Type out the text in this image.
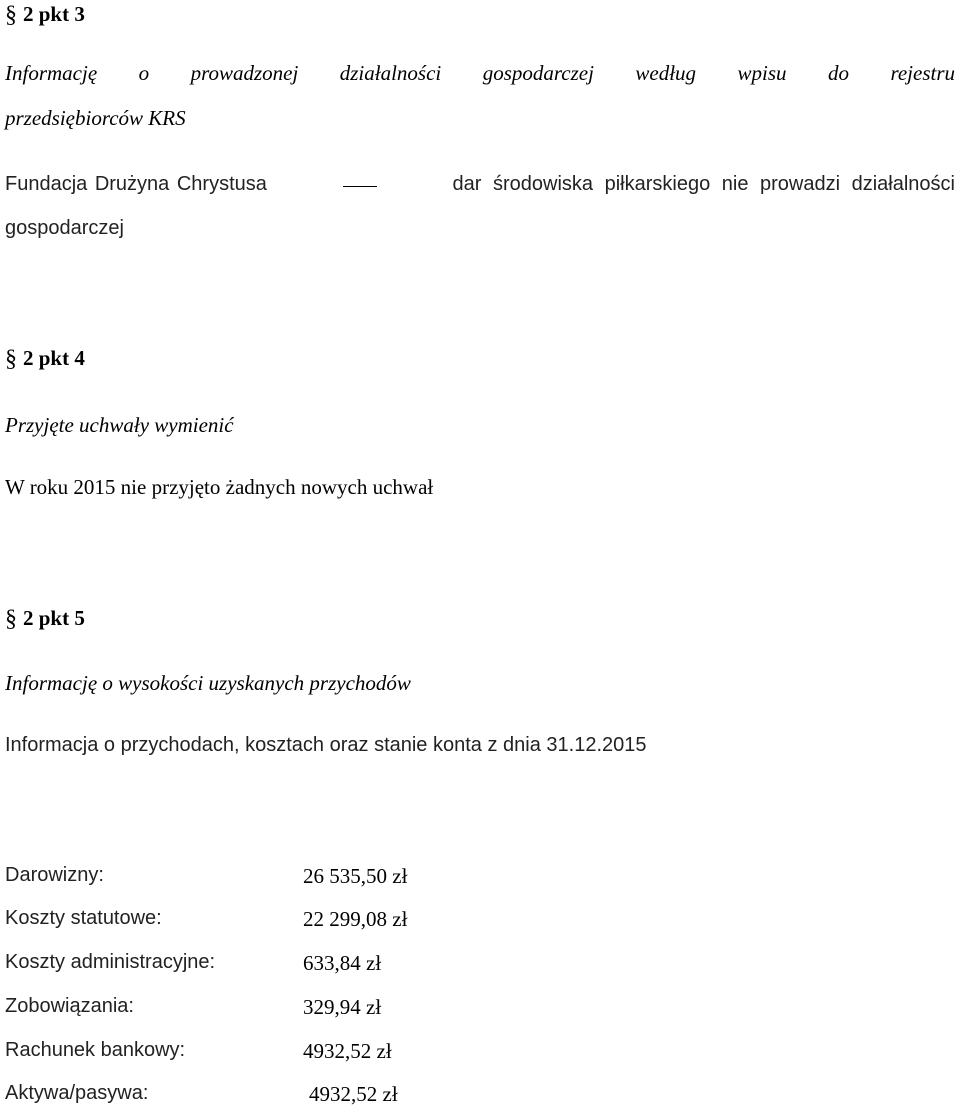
§ 2 pkt 3
Informację o prowadzonej działalności gospodarczej według wpisu do rejestru
przedsiębiorców KRS
Fundacja Drużyna Chrystusa	dar środowiska piłkarskiego nie prowadzi działalności
gospodarczej
§ 2 pkt 4
Przyjęte uchwały wymienić
W roku 2015 nie przyjęto żadnych nowych uchwał
§ 2 pkt 5
Informację o wysokości uzyskanych przychodów
Informacja o przychodach, kosztach oraz stanie konta z dnia 31.12.2015
Darowizny:	26 535,50 zł
Koszty statutowe:	22 299,08 zł
Koszty administracyjne:	633,84 zł
Zobowiązania:	329,94 zł
Rachunek bankowy:	4932,52 zł
Aktywa/pasywa:	4932,52 zł
